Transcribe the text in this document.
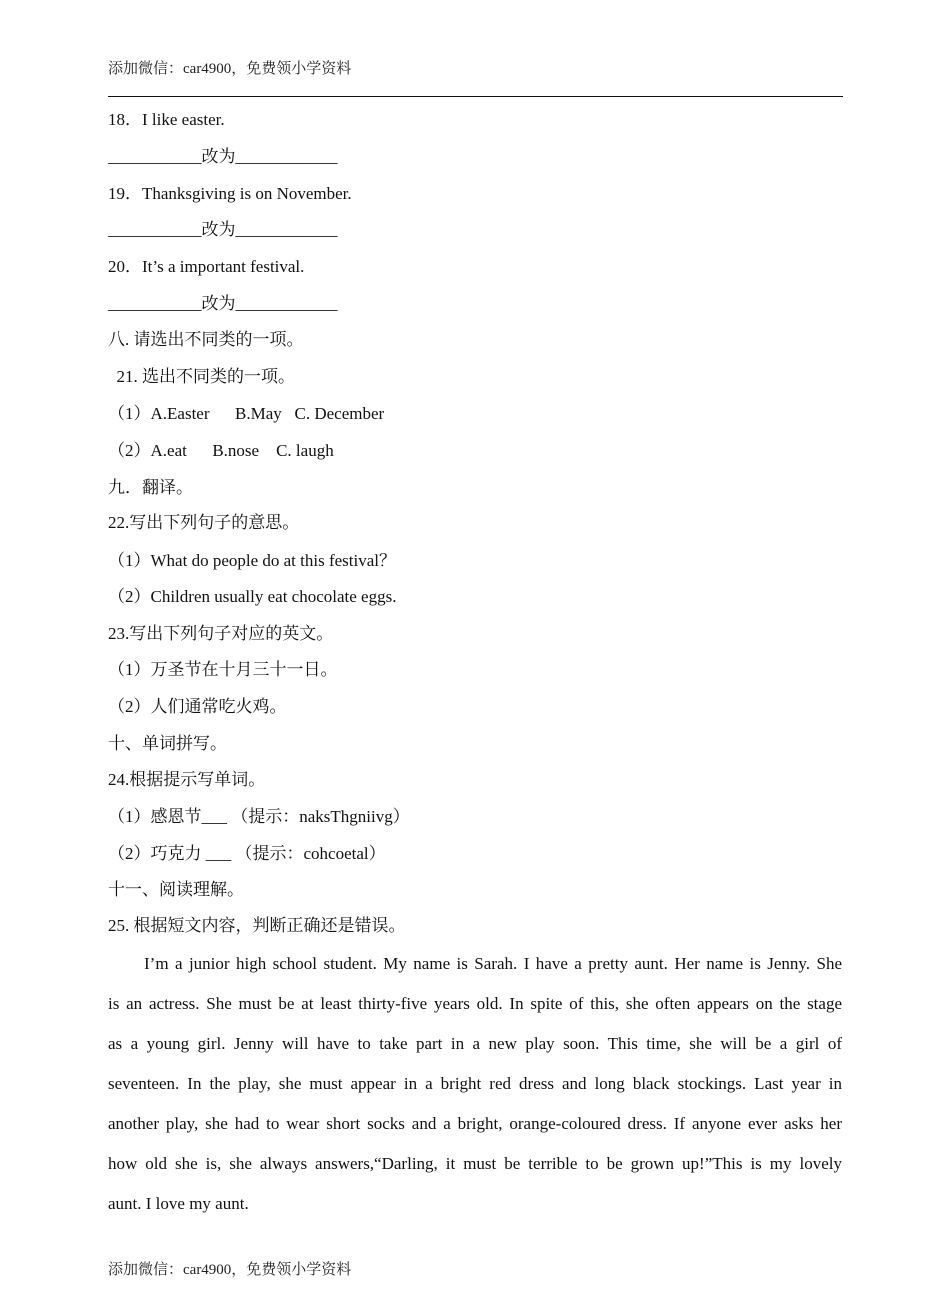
添加微信：car4900，免费领小学资料
18．I like easter.
___________改为____________
19．Thanksgiving is on November.
___________改为____________
20．It’s a important festival.
___________改为____________
八. 请选出不同类的一项。
21. 选出不同类的一项。
（1）A.Easter      B.May   C. December
（2）A.eat      B.nose    C. laugh
九．翻译。
22.写出下列句子的意思。
（1）What do people do at this festival？
（2）Children usually eat chocolate eggs.
23.写出下列句子对应的英文。
（1）万圣节在十月三十一日。
（2）人们通常吃火鸡。
十、单词拼写。
24.根据提示写单词。
（1）感恩节___ （提示：naksThgniivg）
（2）巧克力 ___ （提示：cohcoetal）
十一、阅读理解。
25. 根据短文内容，判断正确还是错误。
I’m a junior high school student. My name is Sarah. I have a pretty aunt. Her name is Jenny. She
is an actress. She must be at least thirty-five years old. In spite of this, she often appears on the stage
as a young girl. Jenny will have to take part in a new play soon. This time, she will be a girl of
seventeen. In the play, she must appear in a bright red dress and long black stockings. Last year in
another play, she had to wear short socks and a bright, orange-coloured dress. If anyone ever asks her
how old she is, she always answers,“Darling, it must be terrible to be grown up!”This is my lovely
aunt. I love my aunt.
添加微信：car4900，免费领小学资料
